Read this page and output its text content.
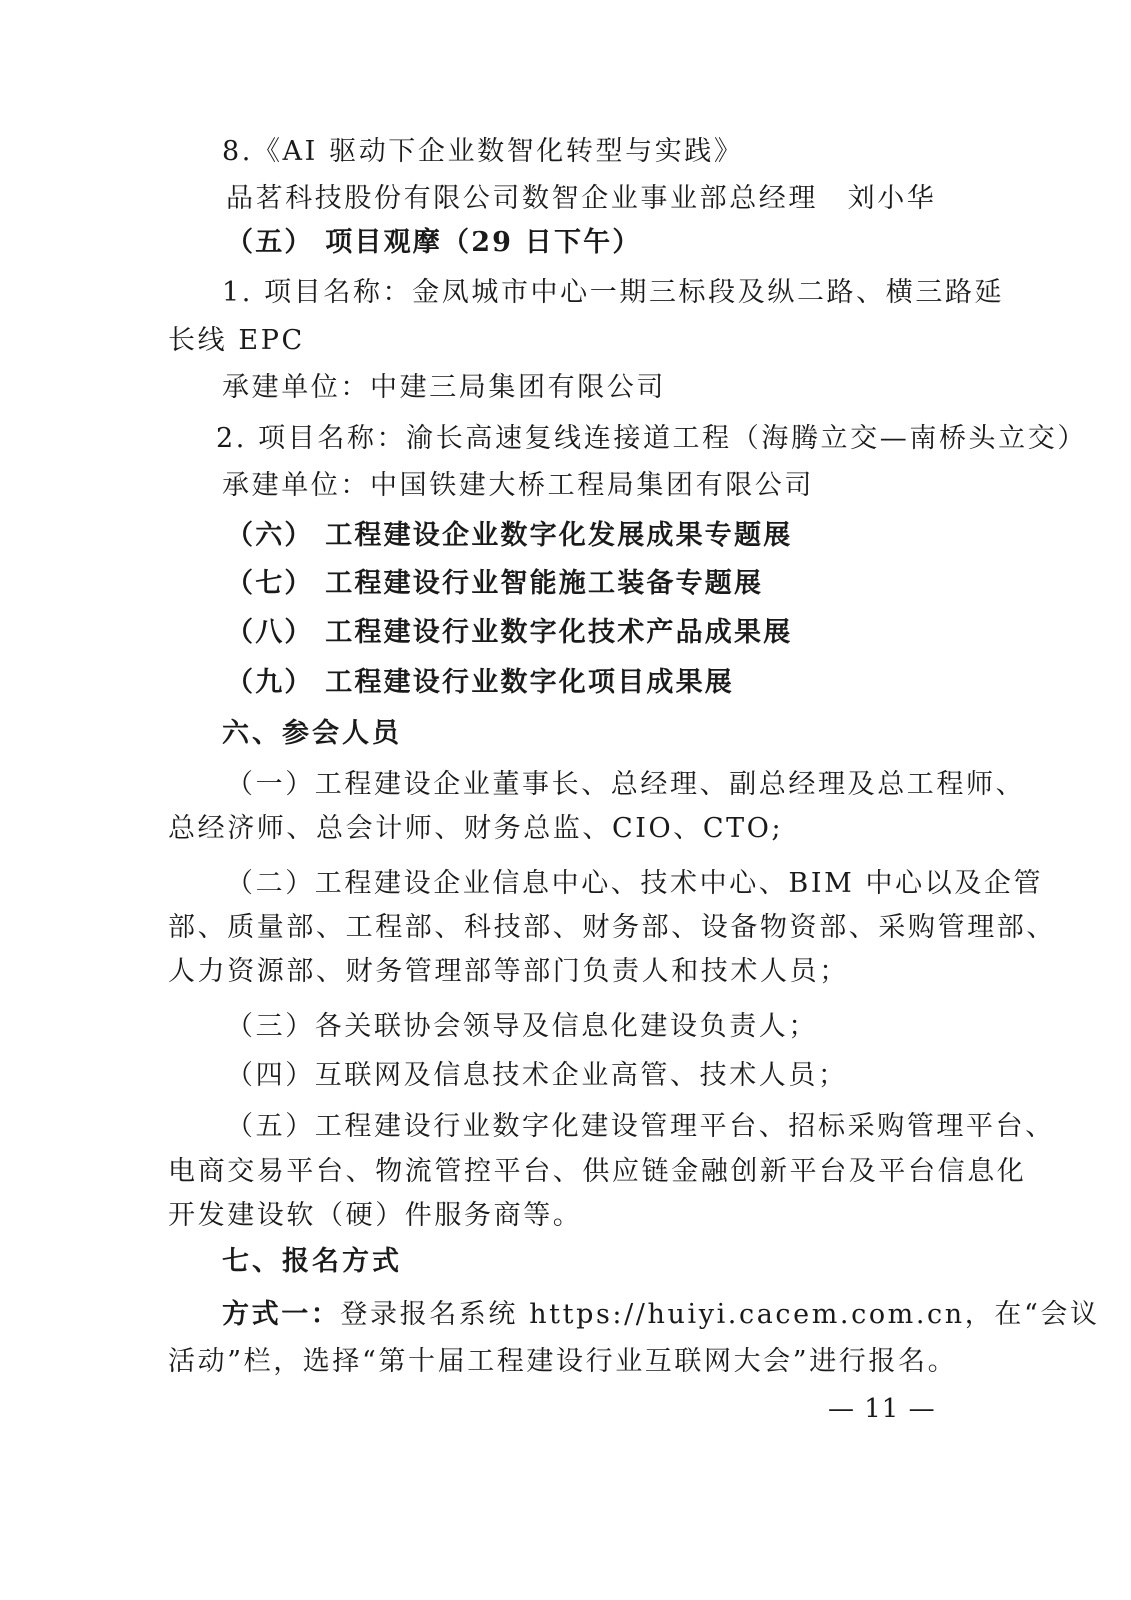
8.《AI 驱动下企业数智化转型与实践》
品茗科技股份有限公司数智企业事业部总经理　刘小华
（五） 项目观摩（29 日下午）
1. 项目名称：金凤城市中心一期三标段及纵二路、横三路延
长线 EPC
承建单位：中建三局集团有限公司
2. 项目名称：渝长高速复线连接道工程（海腾立交—南桥头立交）
承建单位：中国铁建大桥工程局集团有限公司
（六） 工程建设企业数字化发展成果专题展
（七） 工程建设行业智能施工装备专题展
（八） 工程建设行业数字化技术产品成果展
（九） 工程建设行业数字化项目成果展
六、参会人员
（一）工程建设企业董事长、总经理、副总经理及总工程师、
总经济师、总会计师、财务总监、CIO、CTO;
（二）工程建设企业信息中心、技术中心、BIM 中心以及企管
部、质量部、工程部、科技部、财务部、设备物资部、采购管理部、
人力资源部、财务管理部等部门负责人和技术人员；
（三）各关联协会领导及信息化建设负责人；
（四）互联网及信息技术企业高管、技术人员；
（五）工程建设行业数字化建设管理平台、招标采购管理平台、
电商交易平台、物流管控平台、供应链金融创新平台及平台信息化
开发建设软（硬）件服务商等。
七、报名方式
方式一：登录报名系统 https://huiyi.cacem.com.cn，在“会议
活动”栏，选择“第十届工程建设行业互联网大会”进行报名。
— 11 —
